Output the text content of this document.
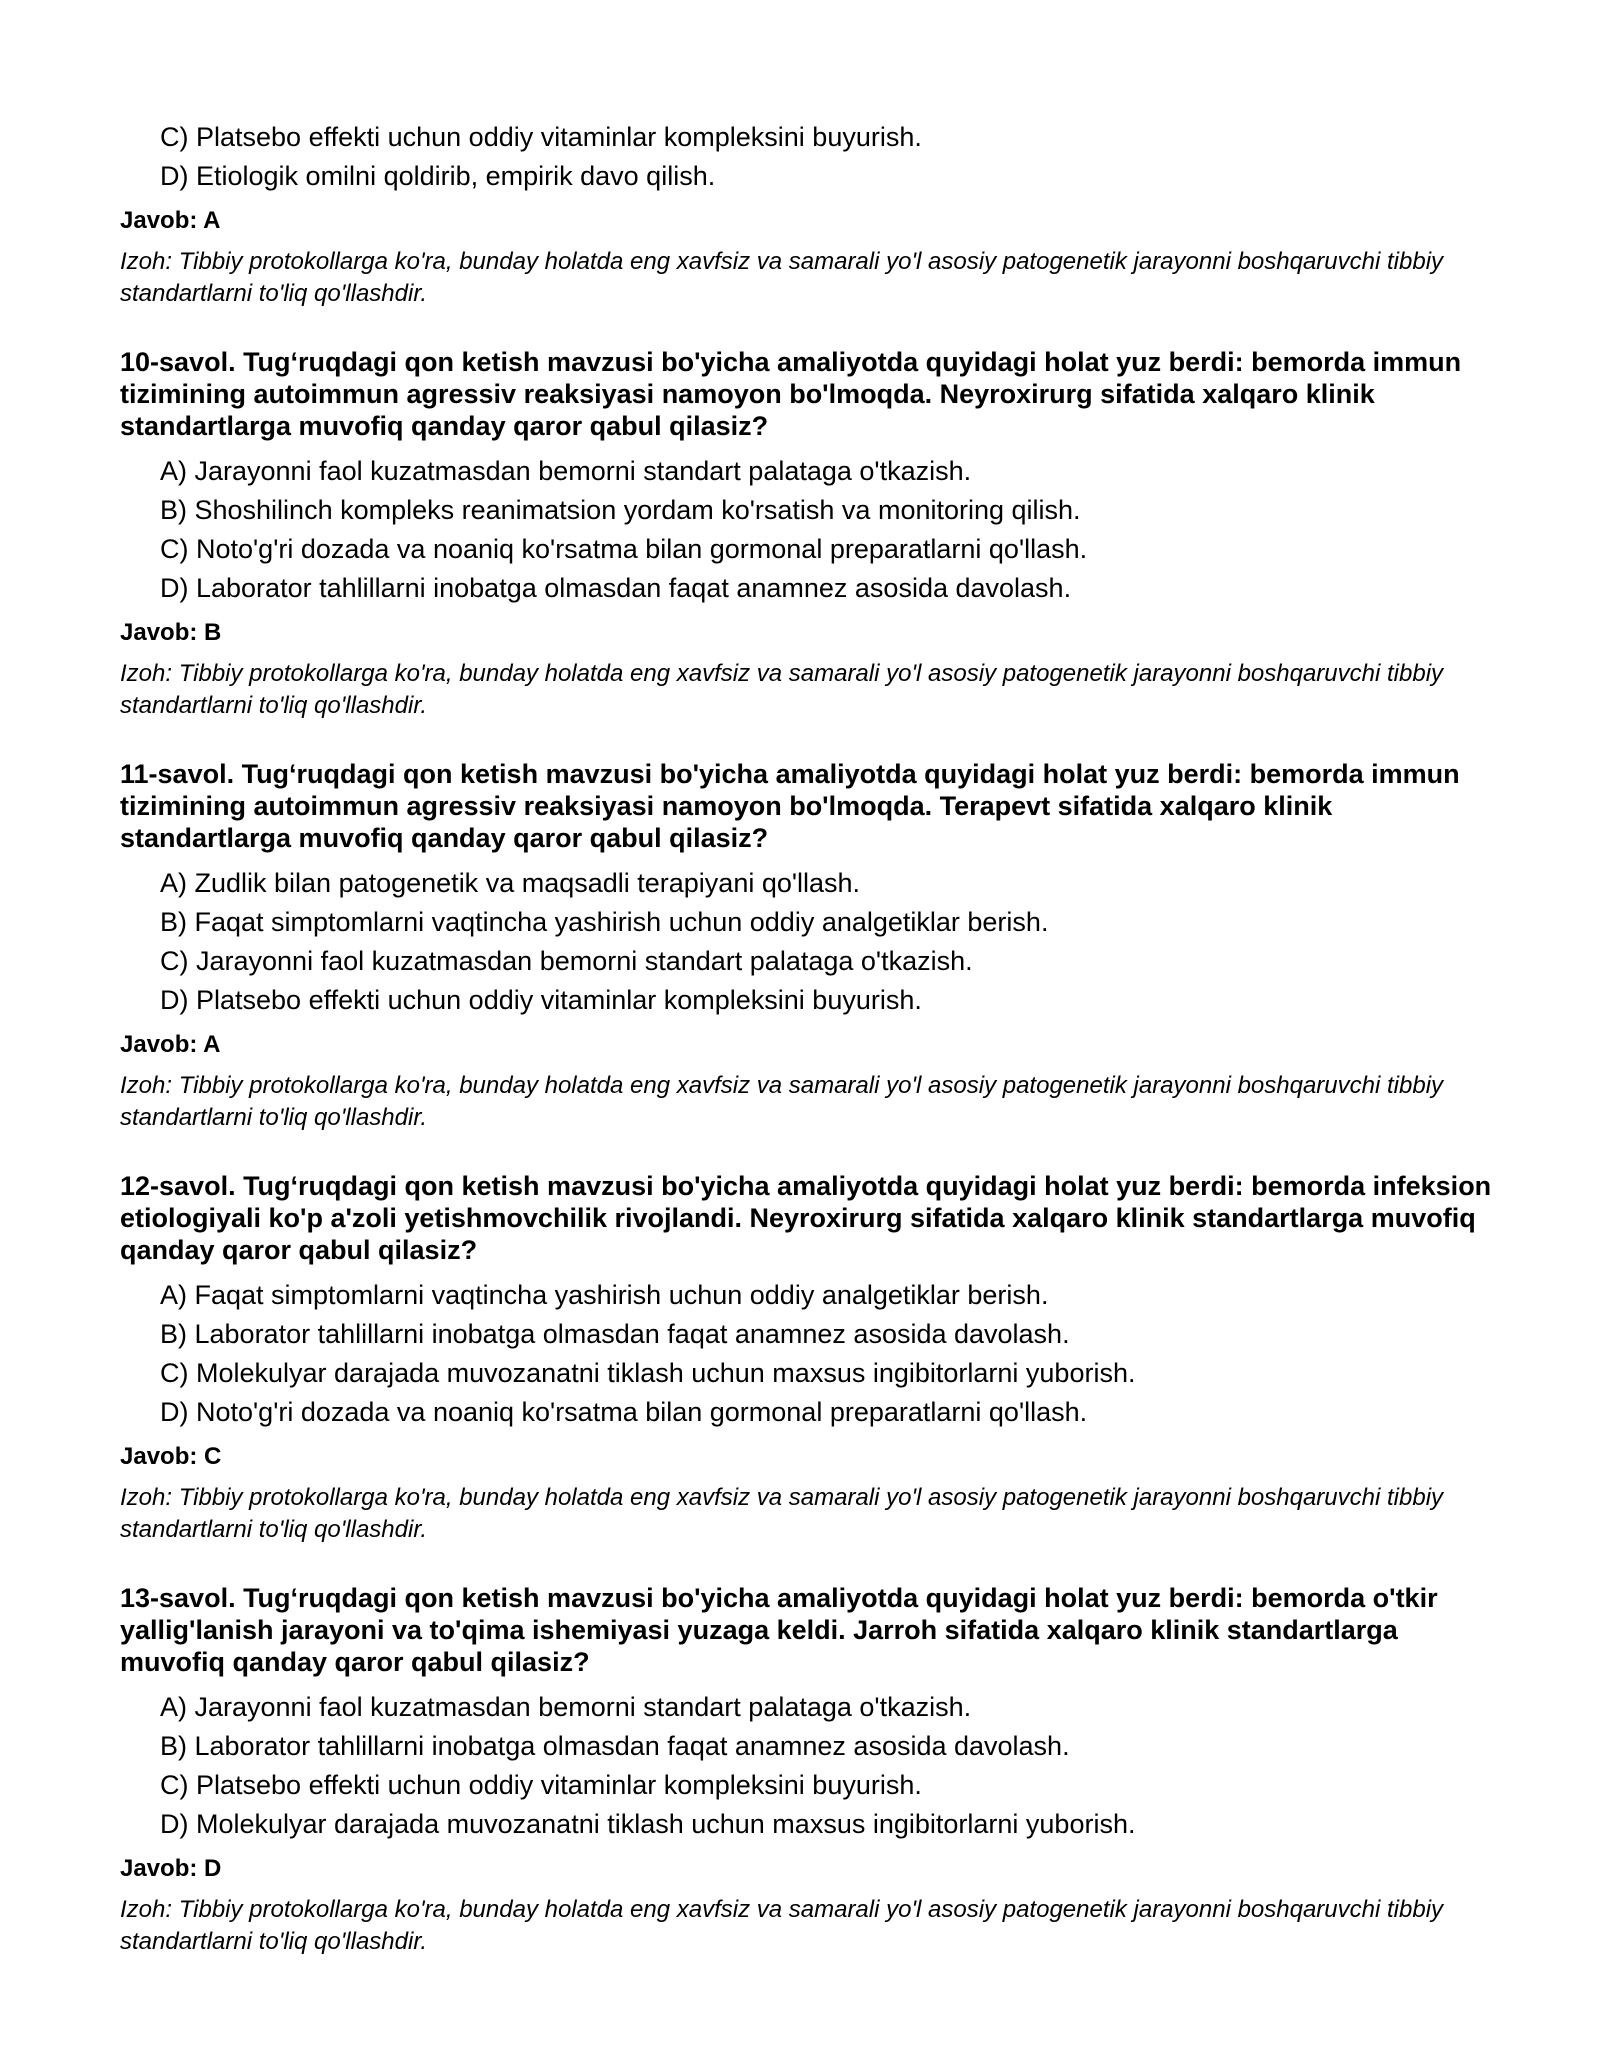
C) Platsebo effekti uchun oddiy vitaminlar kompleksini buyurish.
D) Etiologik omilni qoldirib, empirik davo qilish.
Javob: A
Izoh: Tibbiy protokollarga ko'ra, bunday holatda eng xavfsiz va samarali yo'l asosiy patogenetik jarayonni boshqaruvchi tibbiy standartlarni to'liq qo'llashdir.
10-savol. Tug‘ruqdagi qon ketish mavzusi bo'yicha amaliyotda quyidagi holat yuz berdi: bemorda immun tizimining autoimmun agressiv reaksiyasi namoyon bo'lmoqda. Neyroxirurg sifatida xalqaro klinik standartlarga muvofiq qanday qaror qabul qilasiz?
A) Jarayonni faol kuzatmasdan bemorni standart palataga o'tkazish.
B) Shoshilinch kompleks reanimatsion yordam ko'rsatish va monitoring qilish.
C) Noto'g'ri dozada va noaniq ko'rsatma bilan gormonal preparatlarni qo'llash.
D) Laborator tahlillarni inobatga olmasdan faqat anamnez asosida davolash.
Javob: B
Izoh: Tibbiy protokollarga ko'ra, bunday holatda eng xavfsiz va samarali yo'l asosiy patogenetik jarayonni boshqaruvchi tibbiy standartlarni to'liq qo'llashdir.
11-savol. Tug‘ruqdagi qon ketish mavzusi bo'yicha amaliyotda quyidagi holat yuz berdi: bemorda immun tizimining autoimmun agressiv reaksiyasi namoyon bo'lmoqda. Terapevt sifatida xalqaro klinik standartlarga muvofiq qanday qaror qabul qilasiz?
A) Zudlik bilan patogenetik va maqsadli terapiyani qo'llash.
B) Faqat simptomlarni vaqtincha yashirish uchun oddiy analgetiklar berish.
C) Jarayonni faol kuzatmasdan bemorni standart palataga o'tkazish.
D) Platsebo effekti uchun oddiy vitaminlar kompleksini buyurish.
Javob: A
Izoh: Tibbiy protokollarga ko'ra, bunday holatda eng xavfsiz va samarali yo'l asosiy patogenetik jarayonni boshqaruvchi tibbiy standartlarni to'liq qo'llashdir.
12-savol. Tug‘ruqdagi qon ketish mavzusi bo'yicha amaliyotda quyidagi holat yuz berdi: bemorda infeksion etiologiyali ko'p a'zoli yetishmovchilik rivojlandi. Neyroxirurg sifatida xalqaro klinik standartlarga muvofiq qanday qaror qabul qilasiz?
A) Faqat simptomlarni vaqtincha yashirish uchun oddiy analgetiklar berish.
B) Laborator tahlillarni inobatga olmasdan faqat anamnez asosida davolash.
C) Molekulyar darajada muvozanatni tiklash uchun maxsus ingibitorlarni yuborish.
D) Noto'g'ri dozada va noaniq ko'rsatma bilan gormonal preparatlarni qo'llash.
Javob: C
Izoh: Tibbiy protokollarga ko'ra, bunday holatda eng xavfsiz va samarali yo'l asosiy patogenetik jarayonni boshqaruvchi tibbiy standartlarni to'liq qo'llashdir.
13-savol. Tug‘ruqdagi qon ketish mavzusi bo'yicha amaliyotda quyidagi holat yuz berdi: bemorda o'tkir yallig'lanish jarayoni va to'qima ishemiyasi yuzaga keldi. Jarroh sifatida xalqaro klinik standartlarga muvofiq qanday qaror qabul qilasiz?
A) Jarayonni faol kuzatmasdan bemorni standart palataga o'tkazish.
B) Laborator tahlillarni inobatga olmasdan faqat anamnez asosida davolash.
C) Platsebo effekti uchun oddiy vitaminlar kompleksini buyurish.
D) Molekulyar darajada muvozanatni tiklash uchun maxsus ingibitorlarni yuborish.
Javob: D
Izoh: Tibbiy protokollarga ko'ra, bunday holatda eng xavfsiz va samarali yo'l asosiy patogenetik jarayonni boshqaruvchi tibbiy standartlarni to'liq qo'llashdir.
